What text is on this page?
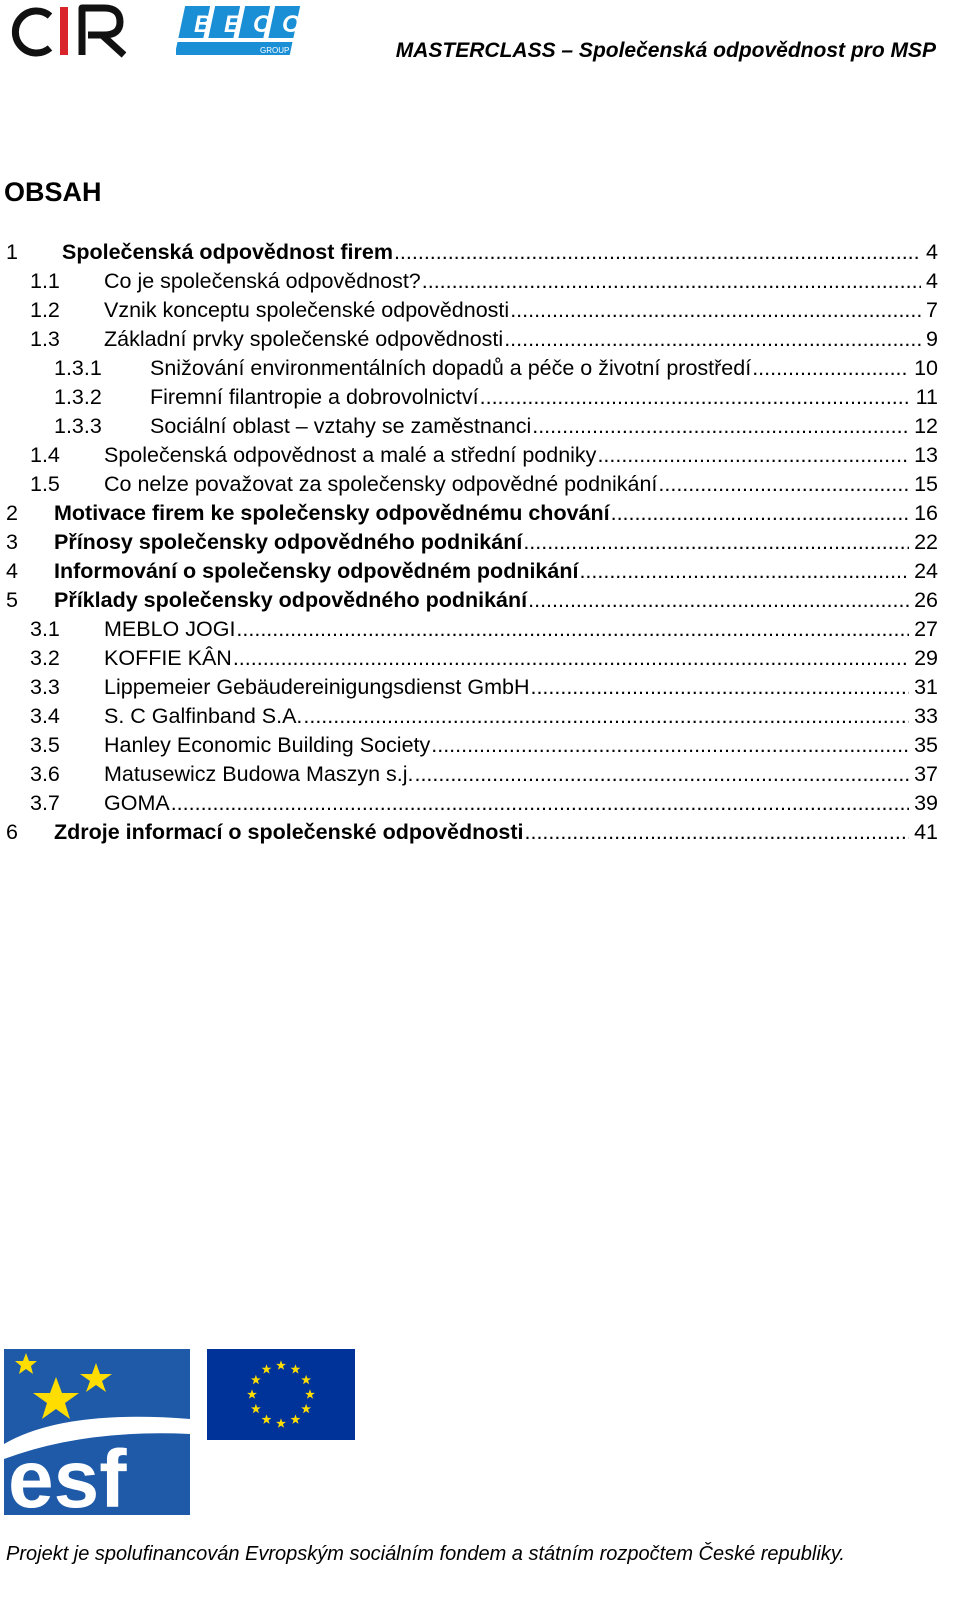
CIR
B E C O
GROUP	MASTERCLASS – Společenská odpovědnost pro MSP
OBSAH
1 Společenská odpovědnost firem .....	4
1.1 Co je společenská odpovědnost? .....	4
1.2 Vznik konceptu společenské odpovědnosti .....	7
1.3 Základní prvky společenské odpovědnosti .....	9
1.3.1 Snižování environmentálních dopadů a péče o životní prostředí .....	10
1.3.2 Firemní filantropie a dobrovolnictví .....	11
1.3.3 Sociální oblast – vztahy se zaměstnanci .....	12
1.4 Společenská odpovědnost a malé a střední podniky .....	13
1.5 Co nelze považovat za společensky odpovědné podnikání .....	15
2 Motivace firem ke společensky odpovědnému chování .....	16
3 Přínosy společensky odpovědného podnikání .....	22
4 Informování o společensky odpovědném podnikání .....	24
5 Příklady společensky odpovědného podnikání .....	26
3.1 MEBLO JOGI .....	27
3.2 KOFFIE KÂN .....	29
3.3 Lippemeier Gebäudereinigungsdienst GmbH .....	31
3.4 S. C Galfinband S.A. .....	33
3.5 Hanley Economic Building Society .....	35
3.6 Matusewicz Budowa Maszyn s.j. .....	37
3.7 GOMA .....	39
6 Zdroje informací o společenské odpovědnosti .....	41
esf
Projekt je spolufinancován Evropským sociálním fondem a státním rozpočtem České republiky.
